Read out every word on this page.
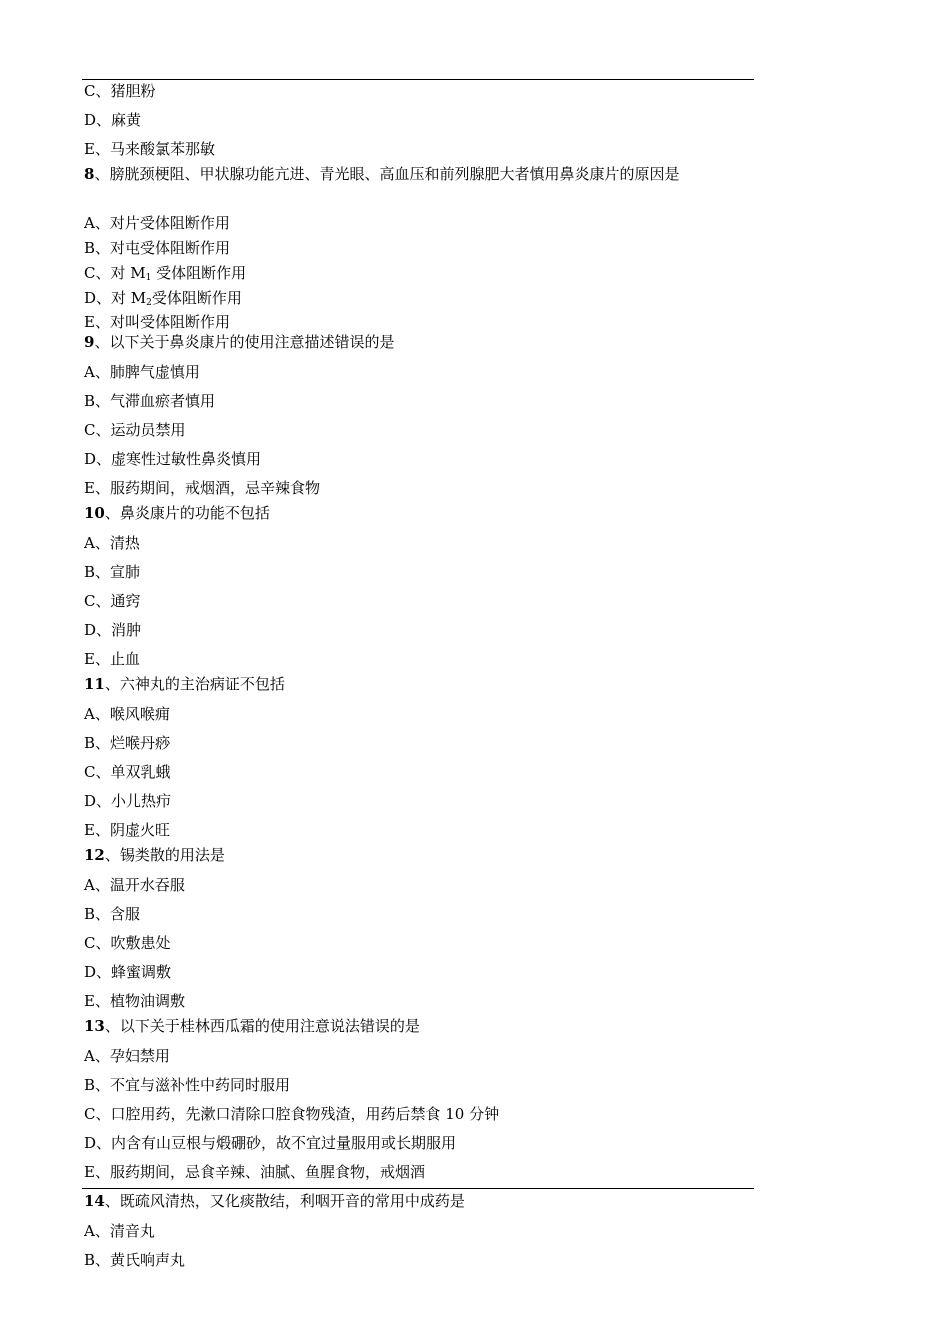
C、猪胆粉
D、麻黄
E、马来酸氯苯那敏
8、膀胱颈梗阻、甲状腺功能亢进、青光眼、高血压和前列腺肥大者慎用鼻炎康片的原因是
A、对片受体阻断作用
B、对屯受体阻断作用
C、对 $M_1$ 受体阻断作用
D、对 $M_2$受体阻断作用
E、对叫受体阻断作用
9、以下关于鼻炎康片的使用注意描述错误的是
A、肺脾气虚慎用
B、气滞血瘀者慎用
C、运动员禁用
D、虚寒性过敏性鼻炎慎用
E、服药期间，戒烟酒，忌辛辣食物
10、鼻炎康片的功能不包括
A、清热
B、宣肺
C、通窍
D、消肿
E、止血
11、六神丸的主治病证不包括
A、喉风喉痈
B、烂喉丹痧
C、单双乳蛾
D、小儿热疖
E、阴虚火旺
12、锡类散的用法是
A、温开水吞服
B、含服
C、吹敷患处
D、蜂蜜调敷
E、植物油调敷
13、以下关于桂林西瓜霜的使用注意说法错误的是
A、孕妇禁用
B、不宜与滋补性中药同时服用
C、口腔用药，先漱口清除口腔食物残渣，用药后禁食 10 分钟
D、内含有山豆根与煅硼砂，故不宜过量服用或长期服用
E、服药期间，忌食辛辣、油腻、鱼腥食物，戒烟酒
14、既疏风清热，又化痰散结，利咽开音的常用中成药是
A、清音丸
B、黄氏响声丸
